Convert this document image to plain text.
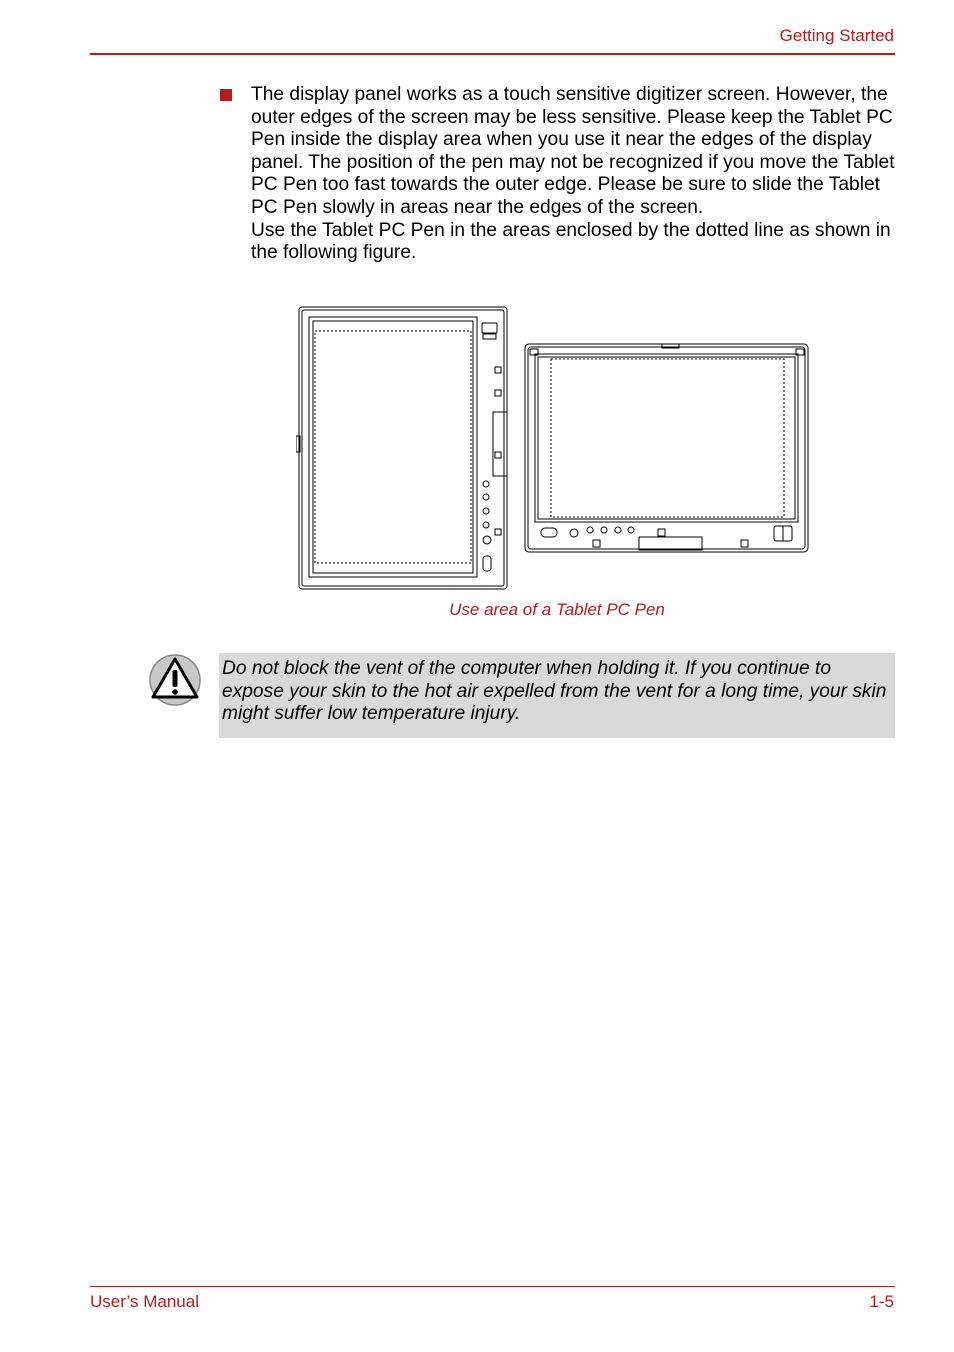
Getting Started

The display panel works as a touch sensitive digitizer screen. However, the outer edges of the screen may be less sensitive. Please keep the Tablet PC Pen inside the display area when you use it near the edges of the display panel. The position of the pen may not be recognized if you move the Tablet PC Pen too fast towards the outer edge. Please be sure to slide the Tablet PC Pen slowly in areas near the edges of the screen.

Use the Tablet PC Pen in the areas enclosed by the dotted line as shown in the following figure.

Use area of a Tablet PC Pen
Do not block the vent of the computer when holding it. If you continue to expose your skin to the hot air expelled from the vent for a long time, your skin might suffer low temperature injury.
User’s Manual	1-5
